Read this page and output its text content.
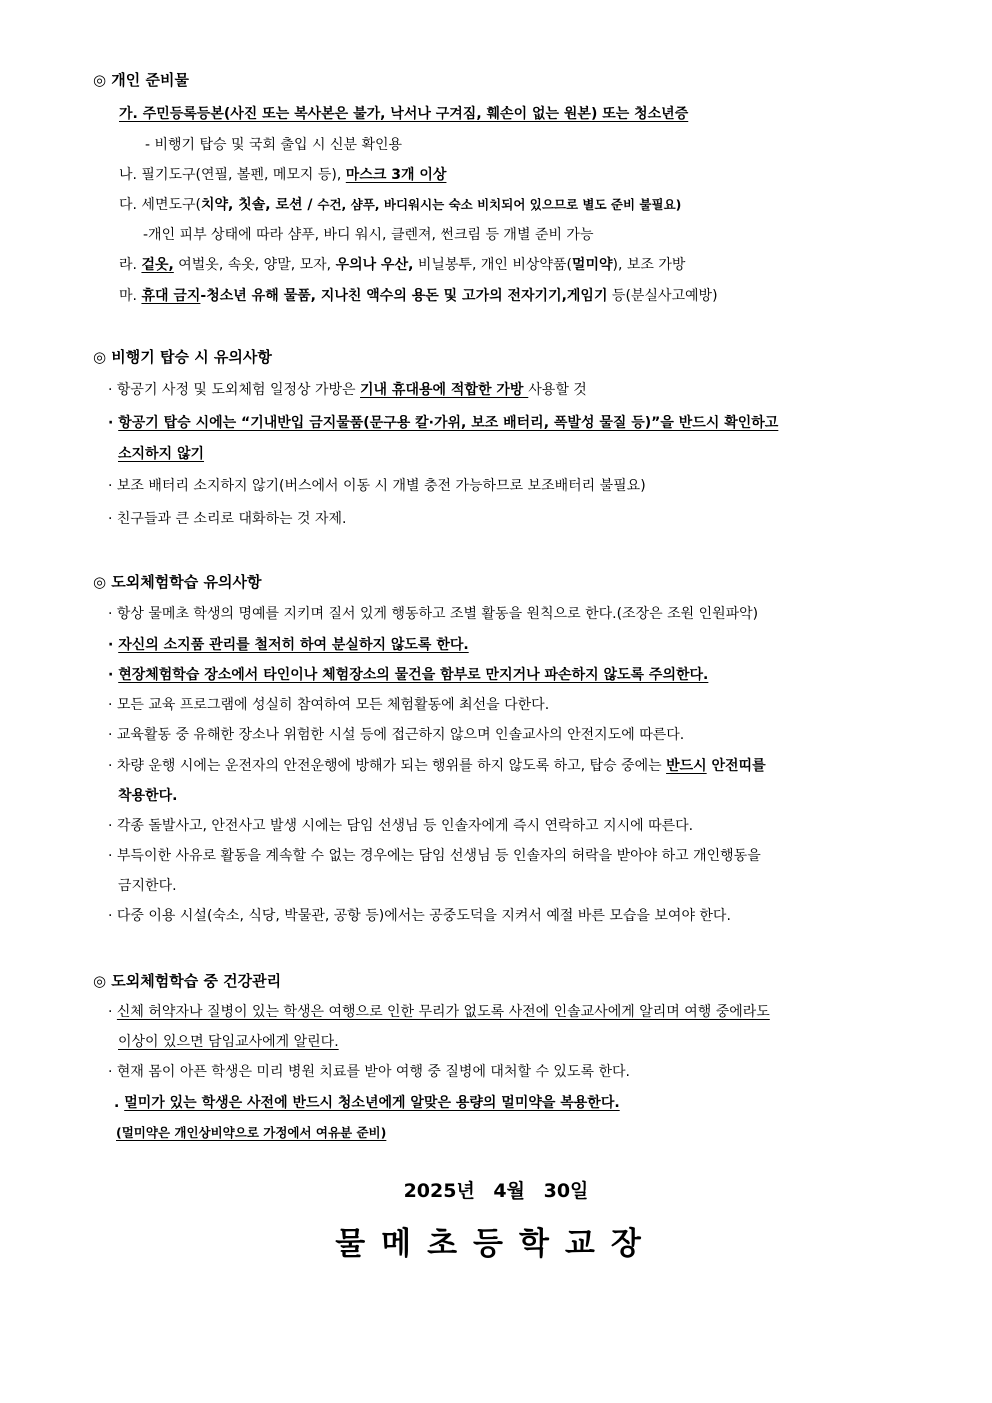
◎ 개인 준비물
가. 주민등록등본(사진 또는 복사본은 불가, 낙서나 구겨짐, 훼손이 없는 원본) 또는 청소년증
- 비행기 탑승 및 국회 출입 시 신분 확인용
나. 필기도구(연필, 볼펜, 메모지 등), 마스크 3개 이상
다. 세면도구(치약, 칫솔, 로션 / 수건, 샴푸, 바디워시는 숙소 비치되어 있으므로 별도 준비 불필요)
-개인 피부 상태에 따라 샴푸, 바디 워시, 클렌져, 썬크림 등 개별 준비 가능
라. 겉옷, 여벌옷, 속옷, 양말, 모자, 우의나 우산, 비닐봉투, 개인 비상약품(멀미약), 보조 가방
마. 휴대 금지-청소년 유해 물품, 지나친 액수의 용돈 및 고가의 전자기기,게임기 등(분실사고예방)
◎ 비행기 탑승 시 유의사항
· 항공기 사정 및 도외체험 일정상 가방은 기내 휴대용에 적합한 가방 사용할 것
· 항공기 탑승 시에는 “기내반입 금지물품(문구용 칼·가위, 보조 배터리, 폭발성 물질 등)”을 반드시 확인하고
소지하지 않기
· 보조 배터리 소지하지 않기(버스에서 이동 시 개별 충전 가능하므로 보조배터리 불필요)
· 친구들과 큰 소리로 대화하는 것 자제.
◎ 도외체험학습 유의사항
· 항상 물메초 학생의 명예를 지키며 질서 있게 행동하고 조별 활동을 원칙으로 한다.(조장은 조원 인원파악)
· 자신의 소지품 관리를 철저히 하여 분실하지 않도록 한다.
· 현장체험학습 장소에서 타인이나 체험장소의 물건을 함부로 만지거나 파손하지 않도록 주의한다.
· 모든 교육 프로그램에 성실히 참여하여 모든 체험활동에 최선을 다한다.
· 교육활동 중 유해한 장소나 위험한 시설 등에 접근하지 않으며 인솔교사의 안전지도에 따른다.
· 차량 운행 시에는 운전자의 안전운행에 방해가 되는 행위를 하지 않도록 하고, 탑승 중에는 반드시 안전띠를
착용한다.
· 각종 돌발사고, 안전사고 발생 시에는 담임 선생님 등 인솔자에게 즉시 연락하고 지시에 따른다.
· 부득이한 사유로 활동을 계속할 수 없는 경우에는 담임 선생님 등 인솔자의 허락을 받아야 하고 개인행동을
금지한다.
· 다중 이용 시설(숙소, 식당, 박물관, 공항 등)에서는 공중도덕을 지켜서 예절 바른 모습을 보여야 한다.
◎ 도외체험학습 중 건강관리
· 신체 허약자나 질병이 있는 학생은 여행으로 인한 무리가 없도록 사전에 인솔교사에게 알리며 여행 중에라도
이상이 있으면 담임교사에게 알린다.
· 현재 몸이 아픈 학생은 미리 병원 치료를 받아 여행 중 질병에 대처할 수 있도록 한다.
. 멀미가 있는 학생은 사전에 반드시 청소년에게 알맞은 용량의 멀미약을 복용한다.
(멀미약은 개인상비약으로 가정에서 여유분 준비)
2025년 4월 30일
물메초등학교장
